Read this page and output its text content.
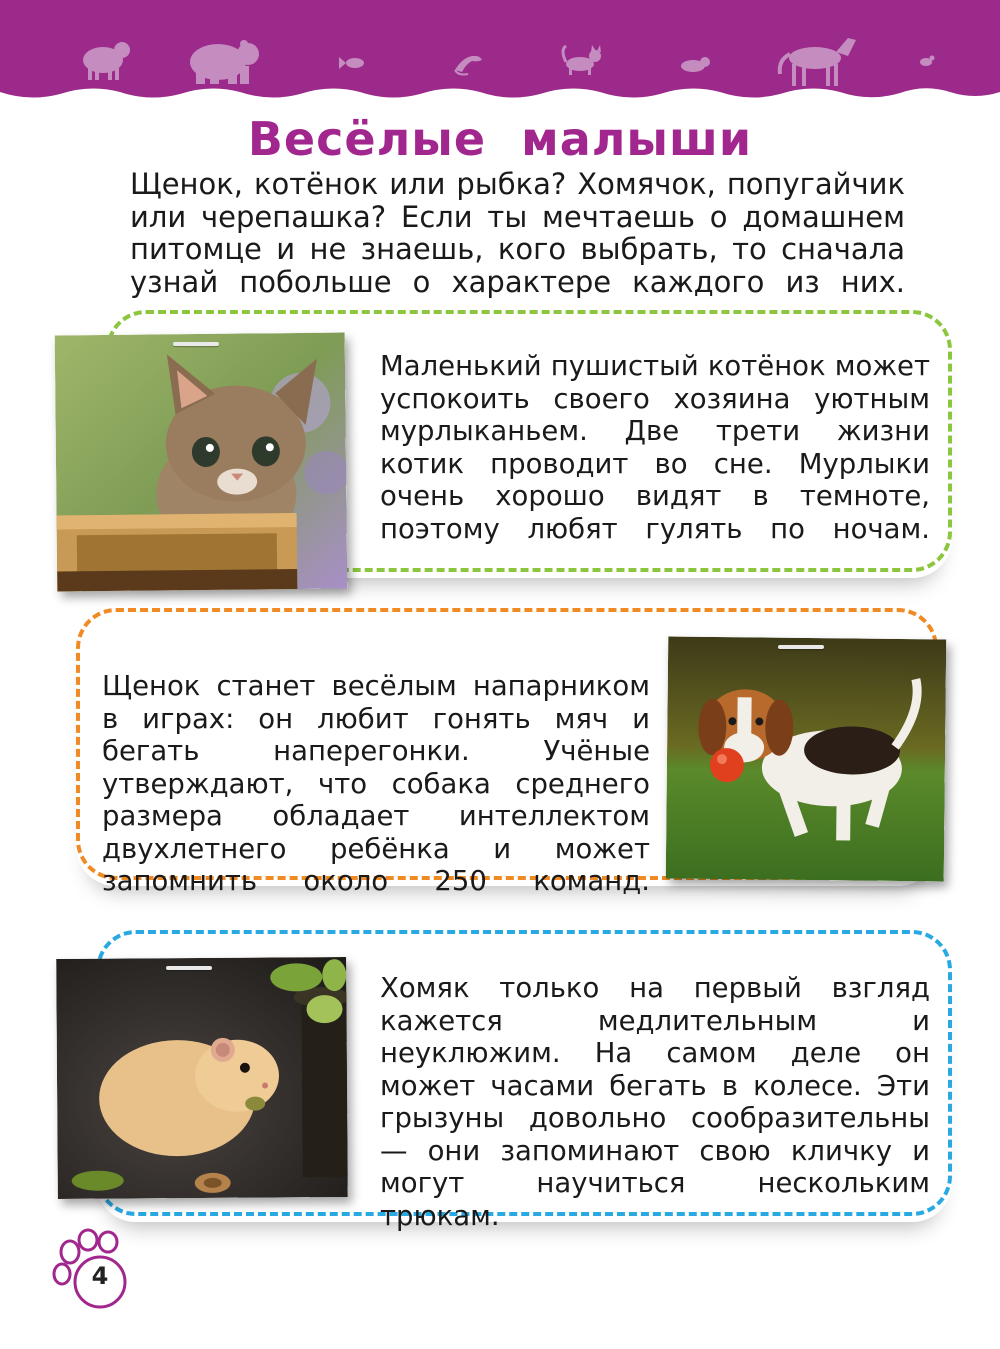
Весёлые малыши
Щенок, котёнок или рыбка? Хомячок, попугайчик или черепашка? Если ты мечтаешь о домашнем питомце и не знаешь, кого выбрать, то сначала узнай побольше о характере каждого из них.
Маленький пушистый котёнок может успокоить своего хозяина уютным мурлыканьем. Две трети жизни котик проводит во сне. Мурлыки очень хорошо видят в темноте, поэтому любят гулять по ночам.
Щенок станет весёлым напарником в играх: он любит гонять мяч и бегать наперегонки. Учёные утверждают, что собака среднего размера обладает интеллектом двухлетнего ребёнка и может запомнить около 250 команд.
Хомяк только на первый взгляд кажется медлительным и неуклюжим. На самом деле он может часами бегать в колесе. Эти грызуны довольно сообразительны — они запоминают свою кличку и могут научиться нескольким трюкам.
4
